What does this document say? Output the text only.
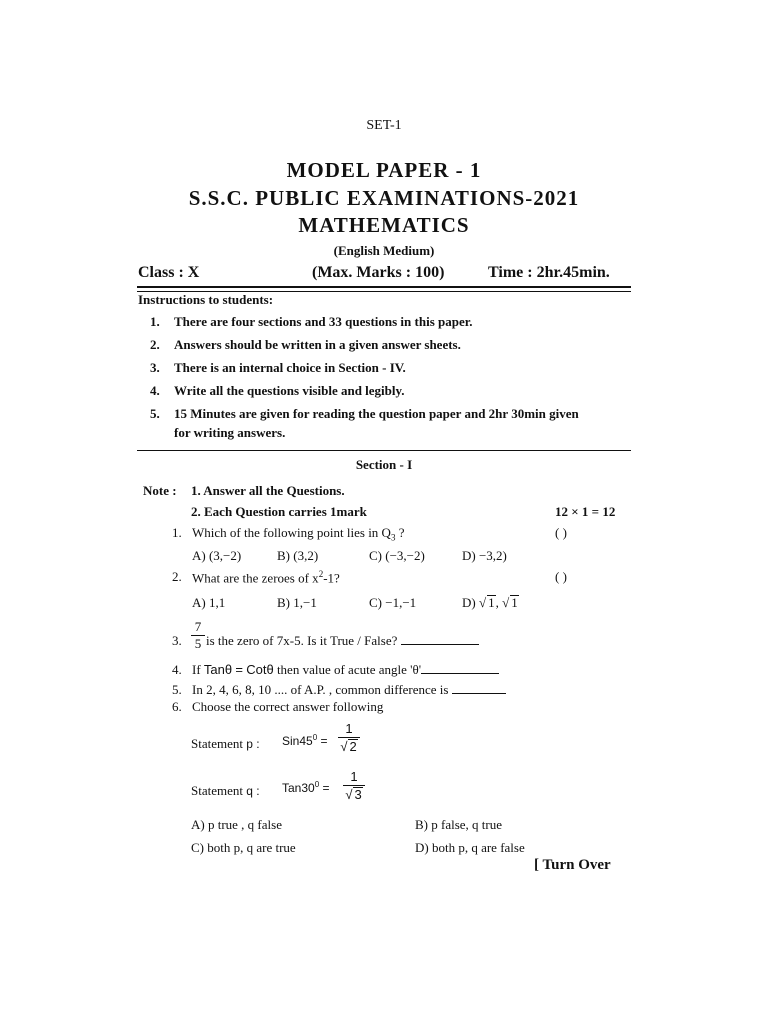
SET-1
MODEL PAPER - 1
S.S.C. PUBLIC EXAMINATIONS-2021
MATHEMATICS
(English Medium)
Class : X	(Max. Marks : 100)	Time : 2hr.45min.
Instructions to students:
1. There are four sections and 33 questions in this paper.
2. Answers should be written in a given answer sheets.
3. There is an internal choice in Section - IV.
4. Write all the questions visible and legibly.
5. 15 Minutes are given for reading the question paper and 2hr 30min given
for writing answers.
Section - I
Note : 1. Answer all the Questions.
2. Each Question carries 1mark	12 × 1 = 12
1. Which of the following point lies in $Q_3$ ?	( )
A) (3,−2)	B) (3,2)	C) (−3,−2)	D) −3,2)
2. What are the zeroes of $x^2-1$?	( )
A) 1,1	B) 1,−1	C) −1,−1	D) √ 1, √ 1
3.
7
5 is the zero of 7x-5. Is it True / False?
4. If Tanθ = Cotθ then value of acute angle 'θ'
5. In 2, 4, 6, 8, 10 .... of A.P. , common difference is
6. Choose the correct answer following
Statement p : $Sin45^0$ =
1
√ 2
Statement q : $Tan30^0$ =
1
√ 3
A) p true , q false	B) p false, q true
C) both p, q are true	D) both p, q are false
[ Turn Over
